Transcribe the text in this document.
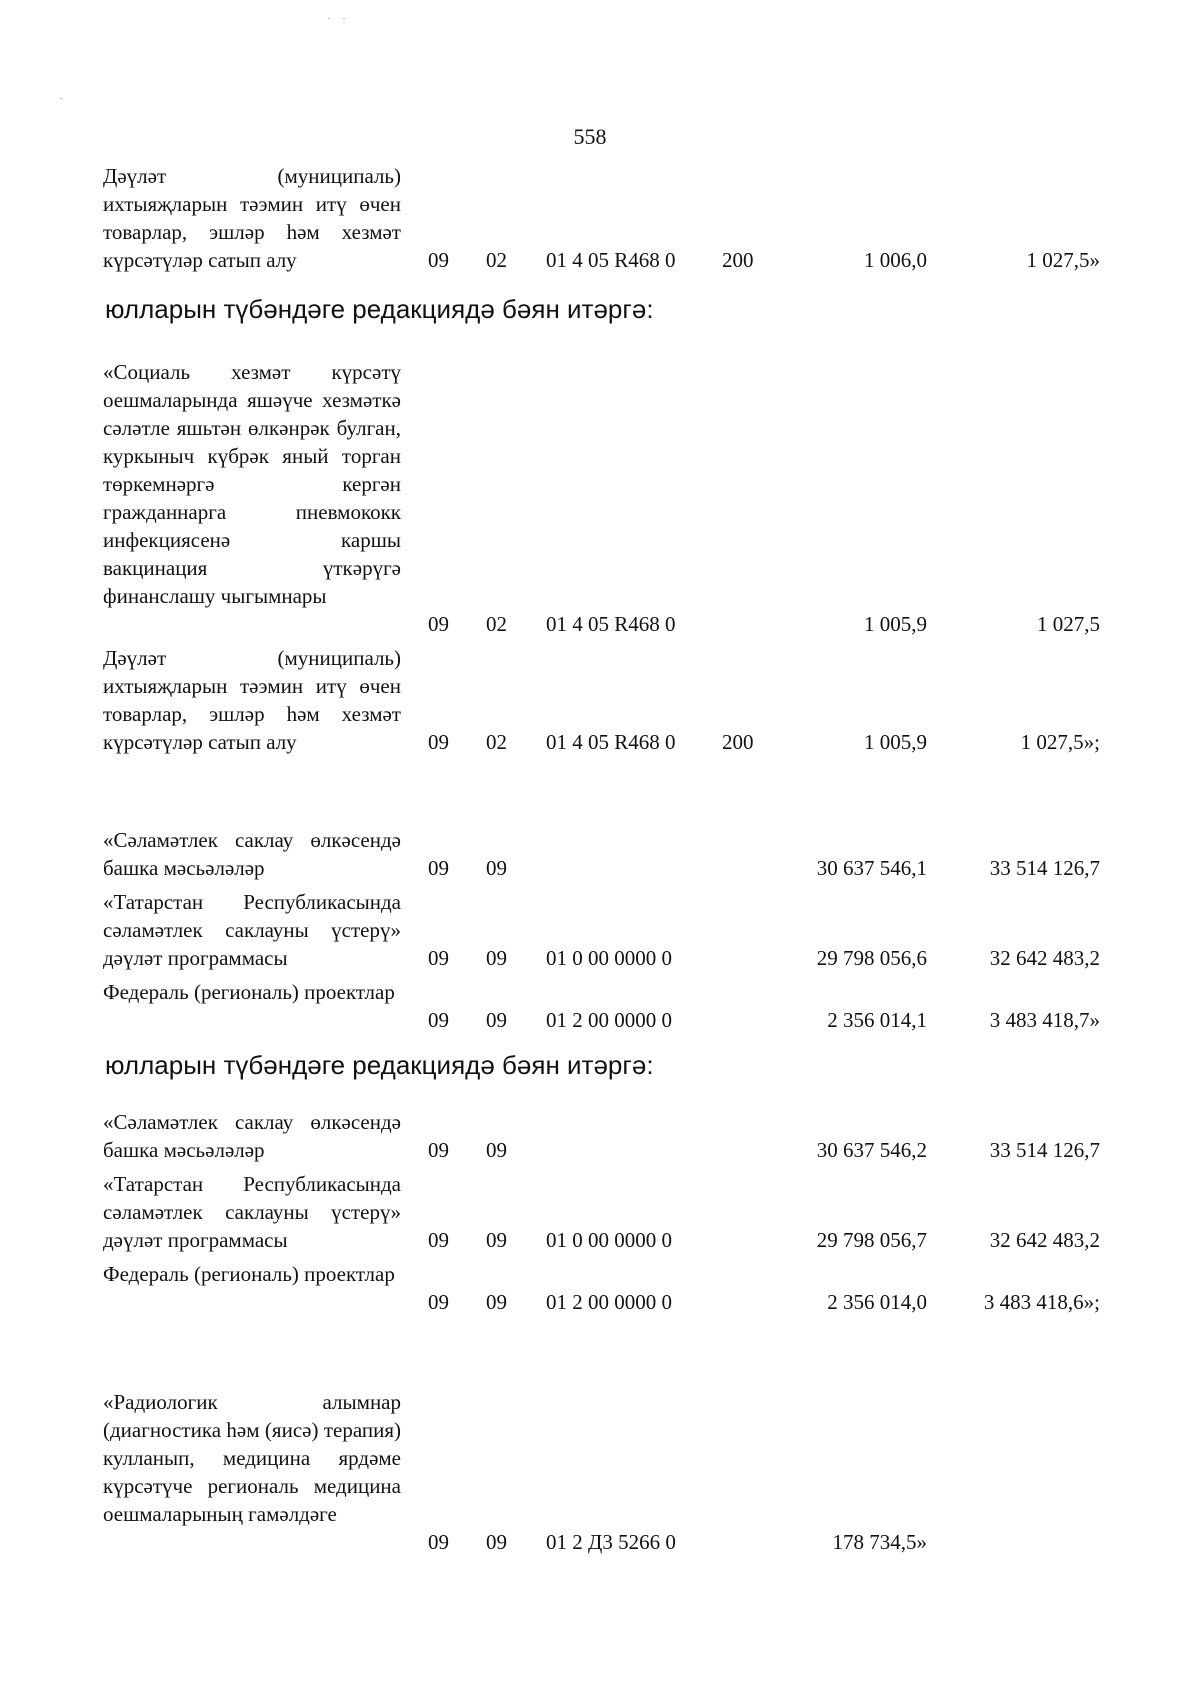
558
Дәүләт (муниципаль) ихтыяҗларын тәэмин итү өчен товарлар, эшләр һәм хезмәт күрсәтүләр сатып алу	09 02 01 4 05 R468 0 200	1 006,0	1 027,5»
юлларын түбәндәге редакциядә бәян итәргә:
«Социаль хезмәт күрсәтү оешмаларында яшәүче хезмәткә сәләтле яшьтән өлкәнрәк булган, куркыныч күбрәк яный торган төркемнәргә кергән гражданнарга пневмококк инфекциясенә каршы вакцинация үткәрүгә финанслашу чыгымнары
09 02 01 4 05 R468 0	1 005,9	1 027,5
Дәүләт (муниципаль) ихтыяҗларын тәэмин итү өчен товарлар, эшләр һәм хезмәт күрсәтүләр сатып алу	09 02 01 4 05 R468 0 200	1 005,9	1 027,5»;
«Сәламәтлек саклау өлкәсендә башка мәсьәләләр	09 09	30 637 546,1	33 514 126,7
«Татарстан Республикасында сәламәтлек саклауны үстерү» дәүләт программасы	09 09 01 0 00 0000 0	29 798 056,6	32 642 483,2
Федераль (региональ) проектлар
09 09 01 2 00 0000 0	2 356 014,1	3 483 418,7»
юлларын түбәндәге редакциядә бәян итәргә:
«Сәламәтлек саклау өлкәсендә башка мәсьәләләр	09 09	30 637 546,2	33 514 126,7
«Татарстан Республикасында сәламәтлек саклауны үстерү» дәүләт программасы	09 09 01 0 00 0000 0	29 798 056,7	32 642 483,2
Федераль (региональ) проектлар
09 09 01 2 00 0000 0	2 356 014,0	3 483 418,6»;
«Радиологик алымнар (диагностика һәм (яисә) терапия) кулланып, медицина ярдәме күрсәтүче региональ медицина оешмаларының гамәлдәге
09 09 01 2 Д3 5266 0	178 734,5»
